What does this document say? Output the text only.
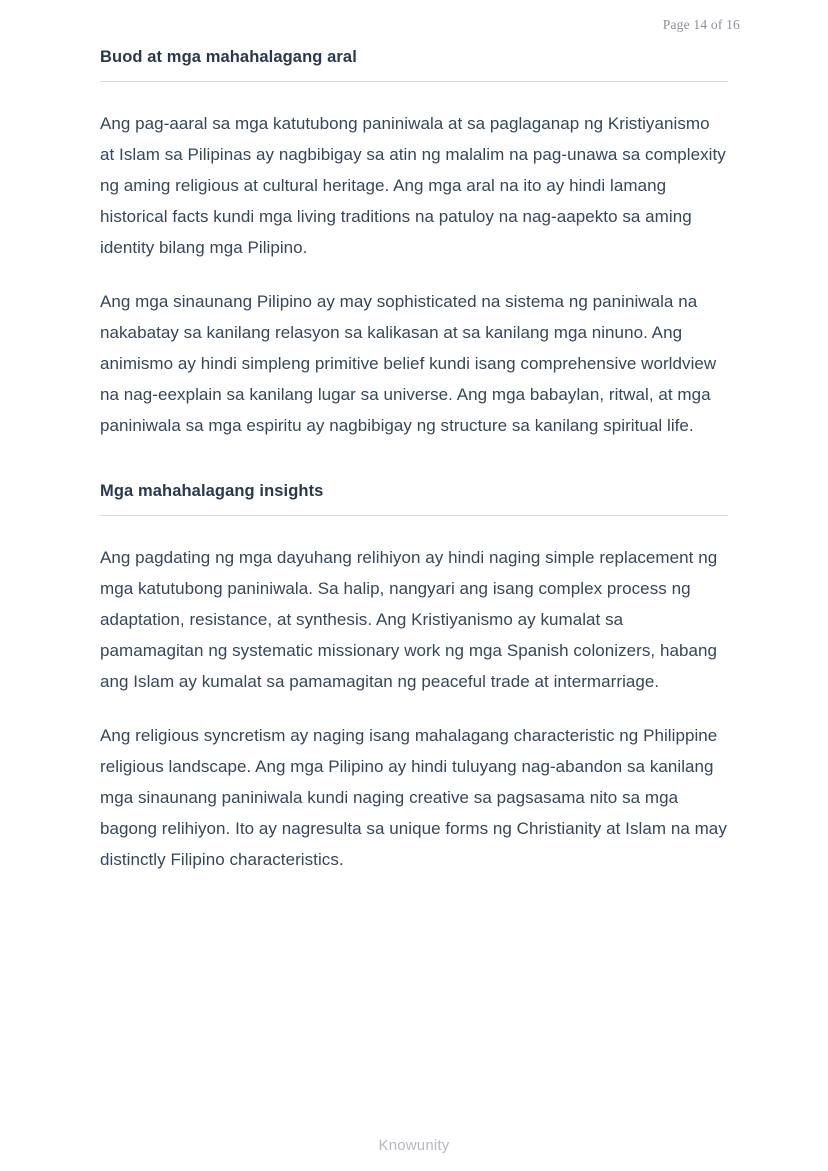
Page 14 of 16
Buod at mga mahahalagang aral

Ang pag-aaral sa mga katutubong paniniwala at sa paglaganap ng Kristiyanismo at Islam sa Pilipinas ay nagbibigay sa atin ng malalim na pag-unawa sa complexity ng aming religious at cultural heritage. Ang mga aral na ito ay hindi lamang historical facts kundi mga living traditions na patuloy na nag-aapekto sa aming identity bilang mga Pilipino.

Ang mga sinaunang Pilipino ay may sophisticated na sistema ng paniniwala na nakabatay sa kanilang relasyon sa kalikasan at sa kanilang mga ninuno. Ang animismo ay hindi simpleng primitive belief kundi isang comprehensive worldview na nag-eexplain sa kanilang lugar sa universe. Ang mga babaylan, ritwal, at mga paniniwala sa mga espiritu ay nagbibigay ng structure sa kanilang spiritual life.

Mga mahahalagang insights

Ang pagdating ng mga dayuhang relihiyon ay hindi naging simple replacement ng mga katutubong paniniwala. Sa halip, nangyari ang isang complex process ng adaptation, resistance, at synthesis. Ang Kristiyanismo ay kumalat sa pamamagitan ng systematic missionary work ng mga Spanish colonizers, habang ang Islam ay kumalat sa pamamagitan ng peaceful trade at intermarriage.

Ang religious syncretism ay naging isang mahalagang characteristic ng Philippine religious landscape. Ang mga Pilipino ay hindi tuluyang nag-abandon sa kanilang mga sinaunang paniniwala kundi naging creative sa pagsasama nito sa mga bagong relihiyon. Ito ay nagresulta sa unique forms ng Christianity at Islam na may distinctly Filipino characteristics.

Knowunity
